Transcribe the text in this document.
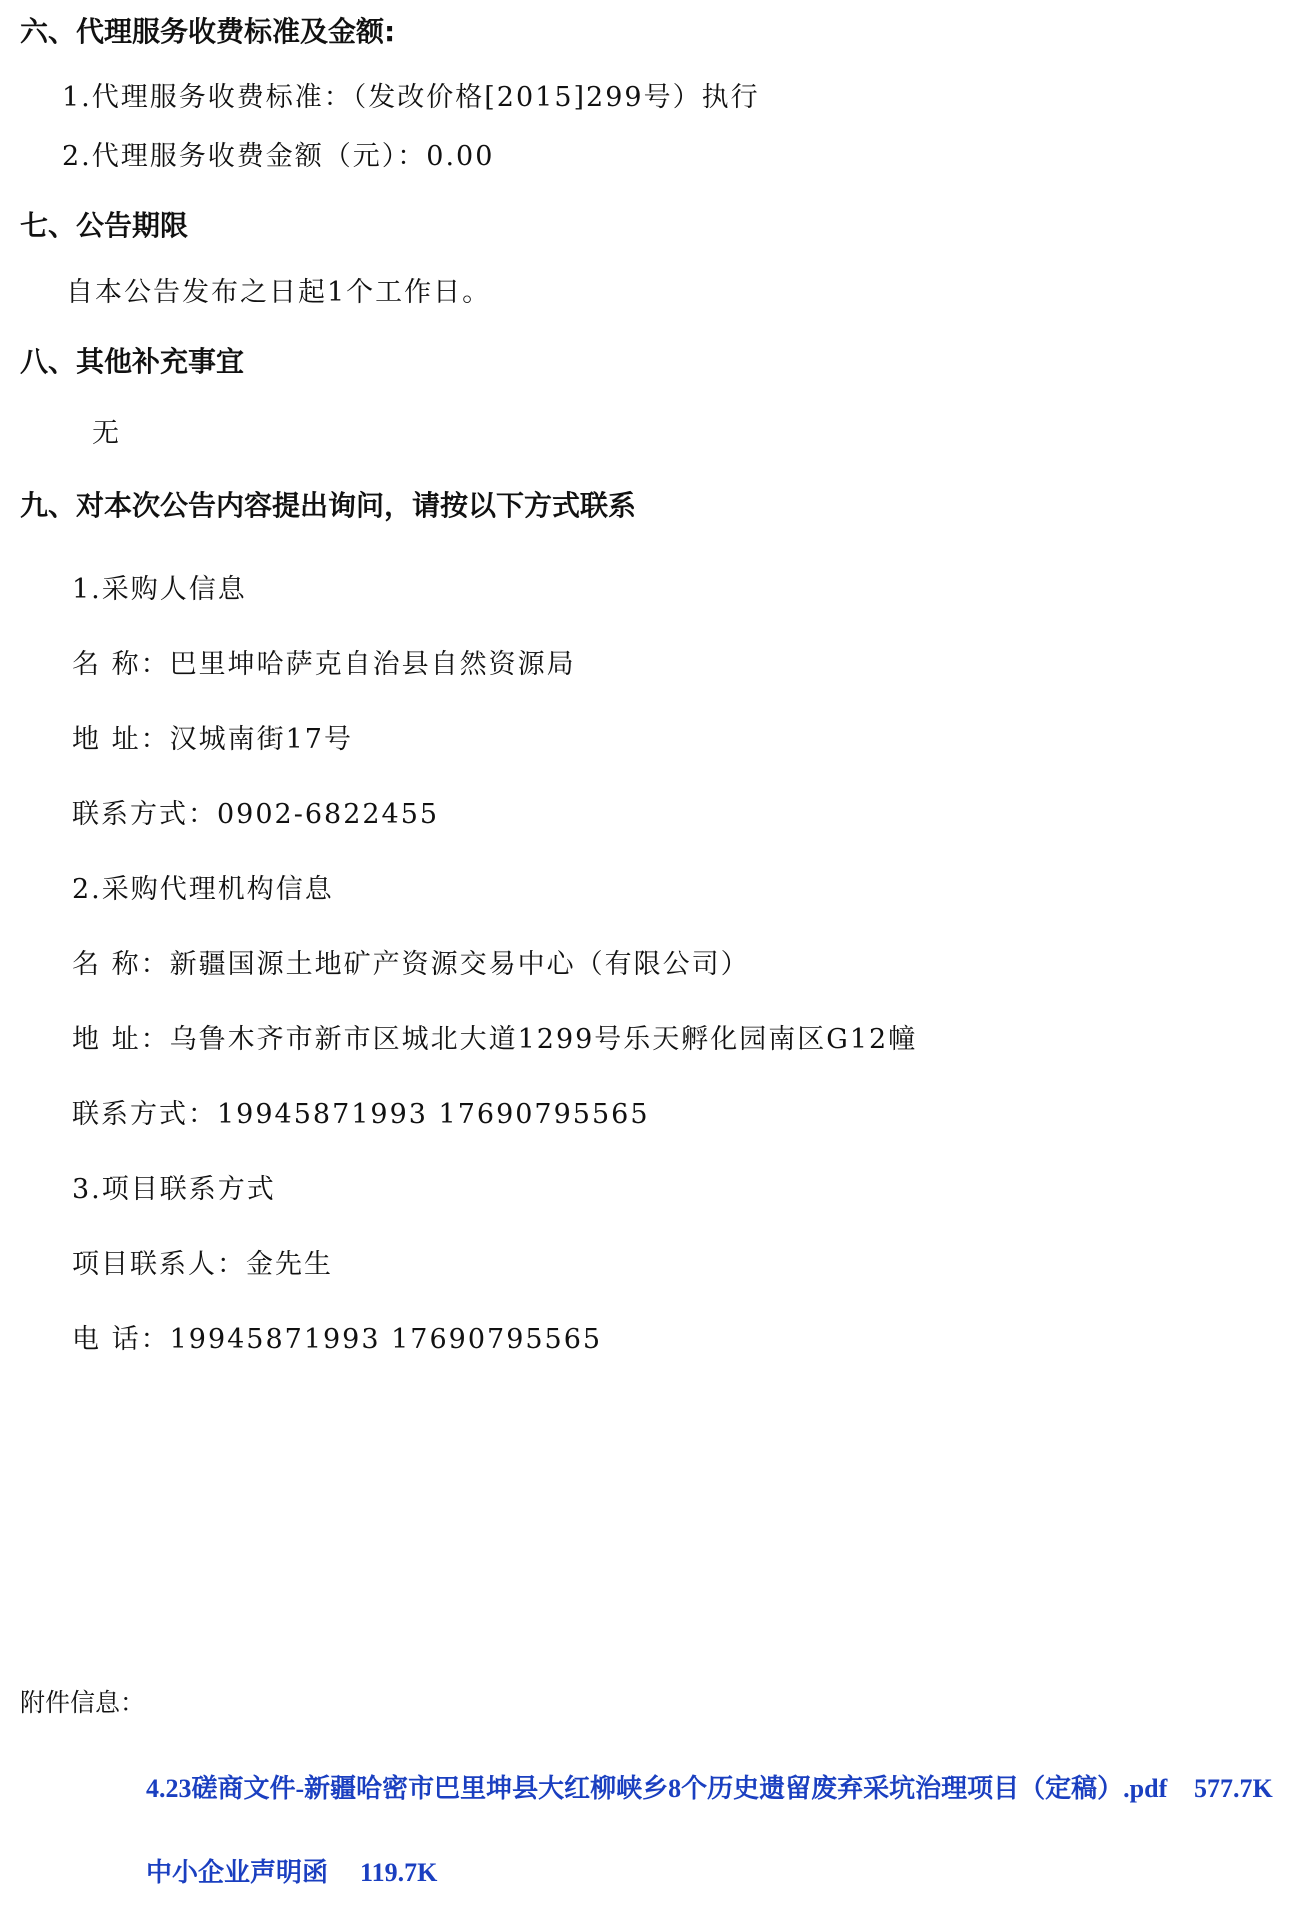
六、代理服务收费标准及金额:
1.代理服务收费标准：（发改价格[2015]299号）执行
2.代理服务收费金额（元）：0.00
七、公告期限
自本公告发布之日起1个工作日。
八、其他补充事宜
无
九、对本次公告内容提出询问，请按以下方式联系
1.采购人信息
名 称：巴里坤哈萨克自治县自然资源局
地 址：汉城南街17号
联系方式：0902-6822455
2.采购代理机构信息
名 称：新疆国源土地矿产资源交易中心（有限公司）
地 址：乌鲁木齐市新市区城北大道1299号乐天孵化园南区G12幢
联系方式：19945871993 17690795565
3.项目联系方式
项目联系人：金先生
电 话：19945871993 17690795565
附件信息：
4.23磋商文件-新疆哈密市巴里坤县大红柳峡乡8个历史遗留废弃采坑治理项目（定稿）.pdf 577.7K
中小企业声明函 119.7K
